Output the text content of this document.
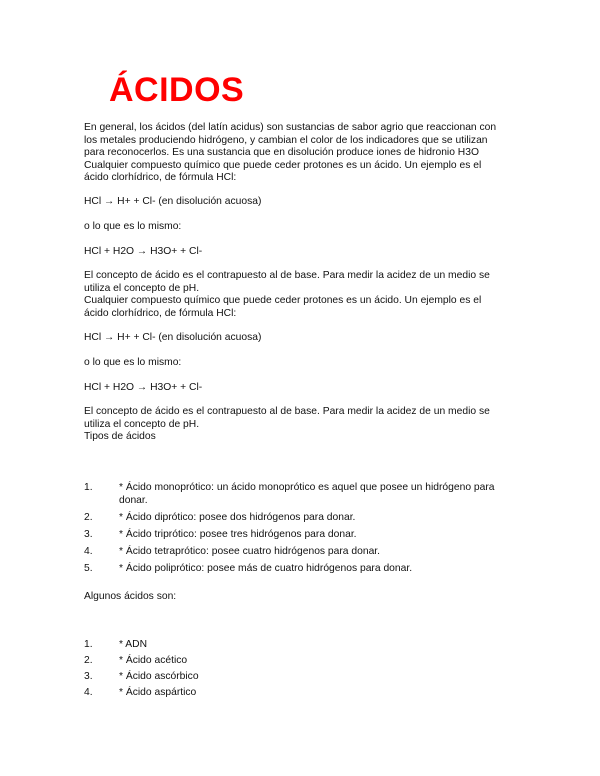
ÁCIDOS

En general, los ácidos (del latín acidus) son sustancias de sabor agrio que reaccionan con
los metales produciendo hidrógeno, y cambian el color de los indicadores que se utilizan
para reconocerlos. Es una sustancia que en disolución produce iones de hidronio H3O
Cualquier compuesto químico que puede ceder protones es un ácido. Un ejemplo es el
ácido clorhídrico, de fórmula HCl:

HCl → H+ + Cl- (en disolución acuosa)

o lo que es lo mismo:

HCl + H2O → H3O+ + Cl-

El concepto de ácido es el contrapuesto al de base. Para medir la acidez de un medio se
utiliza el concepto de pH.
Cualquier compuesto químico que puede ceder protones es un ácido. Un ejemplo es el
ácido clorhídrico, de fórmula HCl:

HCl → H+ + Cl- (en disolución acuosa)

o lo que es lo mismo:

HCl + H2O → H3O+ + Cl-

El concepto de ácido es el contrapuesto al de base. Para medir la acidez de un medio se
utiliza el concepto de pH.
Tipos de ácidos

1.	* Ácido monoprótico: un ácido monoprótico es aquel que posee un hidrógeno para
donar.
2.	* Ácido diprótico: posee dos hidrógenos para donar.
3.	* Ácido triprótico: posee tres hidrógenos para donar.
4.	* Ácido tetraprótico: posee cuatro hidrógenos para donar.
5.	* Ácido poliprótico: posee más de cuatro hidrógenos para donar.

Algunos ácidos son:

1.	* ADN
2.	* Ácido acético
3.	* Ácido ascórbico
4.	* Ácido aspártico
